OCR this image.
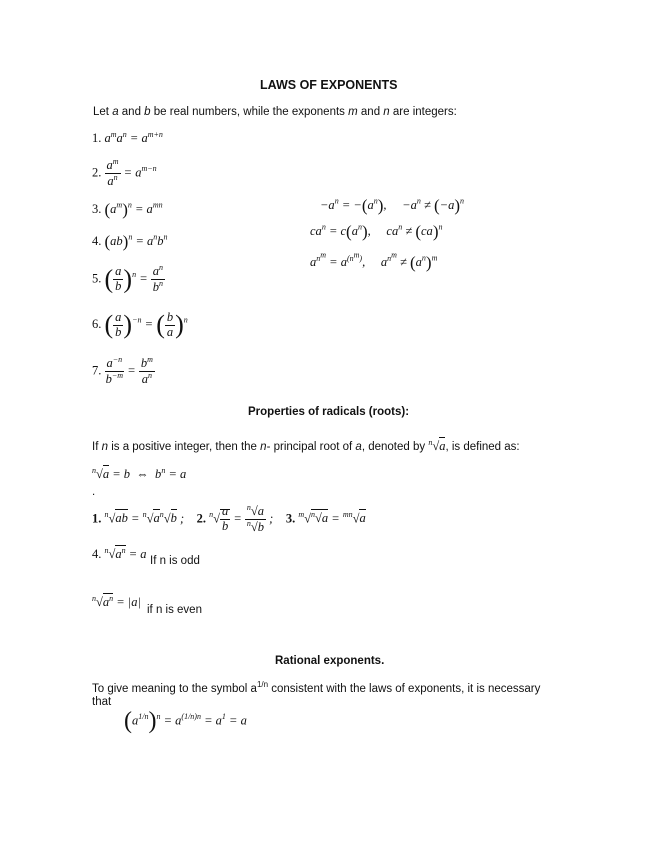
LAWS OF EXPONENTS
Let a and b be real numbers, while the exponents m and n are integers:
1. $a^ma^n = a^{m+n}$
2. $\frac{a^m}{a^n} = a^{m-n}$
3. $(a^m)^n = a^{mn}$
4. $(ab)^n = a^nb^n$
5. ( $\frac{a}{b} )^n = \frac{a^n}{b^n}$
6. ( $\frac{a}{b} )^{-n}$ = ( $\frac{b}{a} )^n$
7. $\frac{a^{-n}}{b^{-m}} = \frac{b^m}{a^n}$
$-a^n = -(a^n)$,     $-a^n \ne (-a)^n$
$ca^n = c(a^n)$,     $ca^n \ne (ca)^n$
$a^{n^m} = a^{(n^m)}$,     $a^{n^m} \ne (a^n)^m$
Properties of radicals (roots):
If n is a positive integer, then the n- principal root of a, denoted by $^n$√a, is defined as:
$^n$√a = b  ⇔  $b^n = a$
.
1. $^n√ab = ^n√a^n√b$ ;    2. $^n√ \frac{a}{b} = \frac{^n√a}{^n√b}$ ;    3. $^m$√$^n$√a = $^{mn}$√a
4. $^n√a^n = a$ If n is odd
$^n√a^n = |a|$
if n is even
Rational exponents.
To give meaning to the symbol $a^{1/n}$ consistent with the laws of exponents, it is necessary
that
$(a^{1/n})^n = a^{(1/n)n} = a^1 = a$
